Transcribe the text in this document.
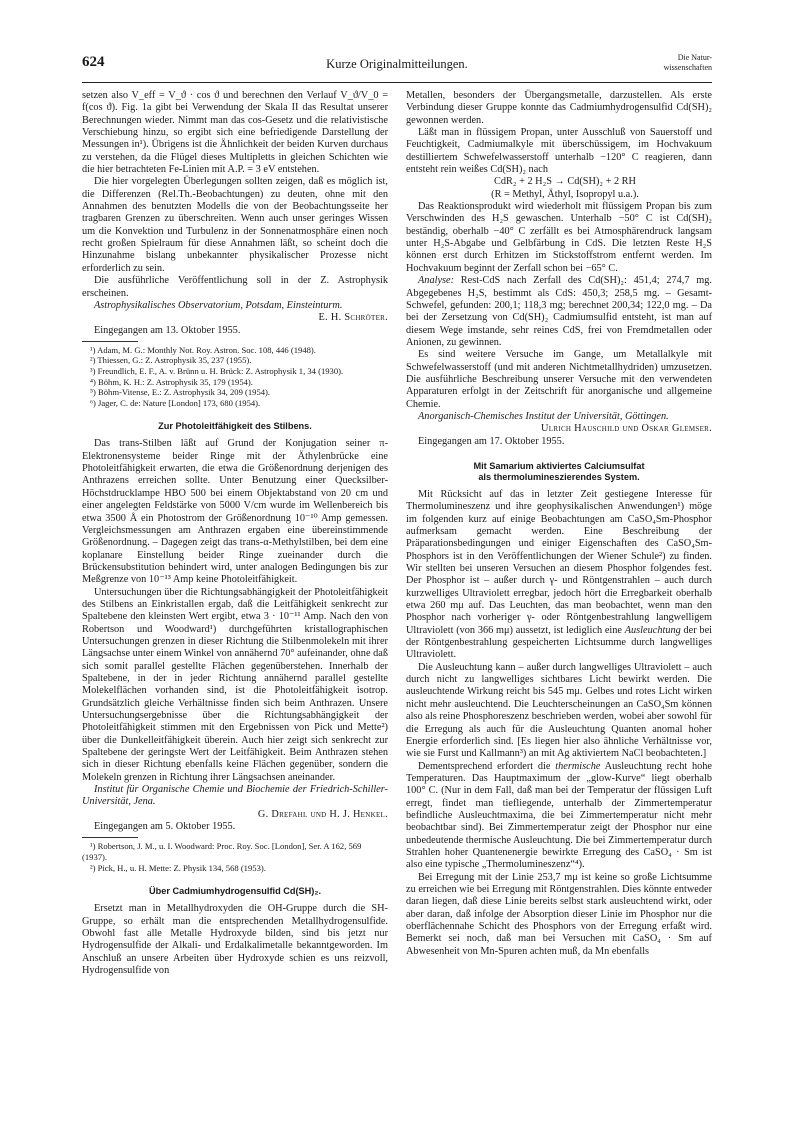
624	Kurze Originalmitteilungen.	Die Natur-
wissenschaften

setzen also V_eff = V_ϑ · cos ϑ und berechnen den Verlauf V_ϑ/V_0 = f(cos ϑ). Fig. 1a gibt bei Verwendung der Skala II das Resultat unserer Berechnungen wieder. Nimmt man das cos-Gesetz und die relativistische Verschiebung hinzu, so ergibt sich eine befriedigende Darstellung der Messungen in¹). Übrigens ist die Ähnlichkeit der beiden Kurven durchaus zu verstehen, da die Flügel dieses Multipletts in gleichen Schichten wie die hier betrachteten Fe-Linien mit A.P. = 3 eV entstehen.

Die hier vorgelegten Überlegungen sollten zeigen, daß es möglich ist, die Differenzen (Rel.Th.-Beobachtungen) zu deuten, ohne mit den Annahmen des benutzten Modells die von der Beobachtungsseite her tragbaren Grenzen zu überschreiten. Wenn auch unser geringes Wissen um die Konvektion und Turbulenz in der Sonnenatmosphäre einen noch recht großen Spielraum für diese Annahmen läßt, so scheint doch die Hinzunahme bislang unbekannter physikalischer Prozesse nicht erforderlich zu sein.

Die ausführliche Veröffentlichung soll in der Z. Astrophysik erscheinen.

Astrophysikalisches Observatorium, Potsdam, Einsteinturm.

E. H. Schröter.

Eingegangen am 13. Oktober 1955.

¹) Adam, M. G.: Monthly Not. Roy. Astron. Soc. 108, 446 (1948).

²) Thiessen, G.: Z. Astrophysik 35, 237 (1955).

³) Freundlich, E. F., A. v. Brünn u. H. Brück: Z. Astrophysik 1, 34 (1930).

⁴) Böhm, K. H.: Z. Astrophysik 35, 179 (1954).

⁵) Böhm-Vitense, E.: Z. Astrophysik 34, 209 (1954).

⁶) Jager, C. de: Nature [London] 173, 680 (1954).

Zur Photoleitfähigkeit des Stilbens.

Das trans-Stilben läßt auf Grund der Konjugation seiner π-Elektronensysteme beider Ringe mit der Äthylenbrücke eine Photoleitfähigkeit erwarten, die etwa die Größenordnung derjenigen des Anthrazens erreichen sollte. Unter Benutzung einer Quecksilber-Höchstdrucklampe HBO 500 bei einem Objektabstand von 20 cm und einer angelegten Feldstärke von 5000 V/cm wurde im Wellenbereich bis etwa 3500 Å ein Photostrom der Größenordnung 10⁻¹⁰ Amp gemessen. Vergleichsmessungen am Anthrazen ergaben eine übereinstimmende Größenordnung. – Dagegen zeigt das trans-α-Methylstilben, bei dem eine koplanare Einstellung beider Ringe zueinander durch die Brückensubstitution behindert wird, unter analogen Bedingungen bis zur Meßgrenze von 10⁻¹³ Amp keine Photoleitfähigkeit.

Untersuchungen über die Richtungsabhängigkeit der Photoleitfähigkeit des Stilbens an Einkristallen ergab, daß die Leitfähigkeit senkrecht zur Spaltebene den kleinsten Wert ergibt, etwa 3 · 10⁻¹¹ Amp. Nach den von Robertson und Woodward¹) durchgeführten kristallographischen Untersuchungen grenzen in dieser Richtung die Stilbenmolekeln mit ihrer Längsachse unter einem Winkel von annähernd 70° aufeinander, ohne daß sich somit parallel gestellte Flächen gegenüberstehen. Innerhalb der Spaltebene, in der in jeder Richtung annähernd parallel gestellte Molekelflächen vorhanden sind, ist die Photoleitfähigkeit isotrop. Grundsätzlich gleiche Verhältnisse finden sich beim Anthrazen. Unsere Untersuchungsergebnisse über die Richtungsabhängigkeit der Photoleitfähigkeit stimmen mit den Ergebnissen von Pick und Mette²) über die Dunkelleitfähigkeit überein. Auch hier zeigt sich senkrecht zur Spaltebene der geringste Wert der Leitfähigkeit. Beim Anthrazen stehen sich in dieser Richtung ebenfalls keine Flächen gegenüber, sondern die Molekeln grenzen in Richtung ihrer Längsachsen aneinander.

Institut für Organische Chemie und Biochemie der Friedrich-Schiller-Universität, Jena.

G. Drefahl und H. J. Henkel.

Eingegangen am 5. Oktober 1955.

¹) Robertson, J. M., u. I. Woodward: Proc. Roy. Soc. [London], Ser. A 162, 569 (1937).

²) Pick, H., u. H. Mette: Z. Physik 134, 568 (1953).

Über Cadmiumhydrogensulfid Cd(SH)₂.

Ersetzt man in Metallhydroxyden die OH-Gruppe durch die SH-Gruppe, so erhält man die entsprechenden Metallhydrogensulfide. Obwohl fast alle Metalle Hydroxyde bilden, sind bis jetzt nur Hydrogensulfide der Alkali- und Erdalkalimetalle bekanntgeworden. Im Anschluß an unsere Arbeiten über Hydroxyde schien es uns reizvoll, Hydrogensulfide von

Metallen, besonders der Übergangsmetalle, darzustellen. Als erste Verbindung dieser Gruppe konnte das Cadmiumhydrogensulfid Cd(SH)₂ gewonnen werden.

Läßt man in flüssigem Propan, unter Ausschluß von Sauerstoff und Feuchtigkeit, Cadmiumalkyle mit überschüssigem, im Hochvakuum destilliertem Schwefelwasserstoff unterhalb −120° C reagieren, dann entsteht rein weißes Cd(SH)₂ nach

CdR₂ + 2 H₂S → Cd(SH)₂ + 2 RH

(R = Methyl, Äthyl, Isopropyl u.a.).

Das Reaktionsprodukt wird wiederholt mit flüssigem Propan bis zum Verschwinden des H₂S gewaschen. Unterhalb −50° C ist Cd(SH)₂ beständig, oberhalb −40° C zerfällt es bei Atmosphärendruck langsam unter H₂S-Abgabe und Gelbfärbung in CdS. Die letzten Reste H₂S können erst durch Erhitzen im Stickstoffstrom entfernt werden. Im Hochvakuum beginnt der Zerfall schon bei −65° C.

Analyse: Rest-CdS nach Zerfall des Cd(SH)₂: 451,4; 274,7 mg. Abgegebenes H₂S, bestimmt als CdS: 450,3; 258,5 mg. – Gesamt-Schwefel, gefunden: 200,1; 118,3 mg; berechnet 200,34; 122,0 mg. – Da bei der Zersetzung von Cd(SH)₂ Cadmiumsulfid entsteht, ist man auf diesem Wege imstande, sehr reines CdS, frei von Fremdmetallen oder Anionen, zu gewinnen.

Es sind weitere Versuche im Gange, um Metallalkyle mit Schwefelwasserstoff (und mit anderen Nichtmetallhydriden) umzusetzen. Die ausführliche Beschreibung unserer Versuche mit den verwendeten Apparaturen erfolgt in der Zeitschrift für anorganische und allgemeine Chemie.

Anorganisch-Chemisches Institut der Universität, Göttingen.

Ulrich Hauschild und Oskar Glemser.

Eingegangen am 17. Oktober 1955.

Mit Samarium aktiviertes Calciumsulfat
als thermolumineszierendes System.

Mit Rücksicht auf das in letzter Zeit gestiegene Interesse für Thermolumineszenz und ihre geophysikalischen Anwendungen¹) möge im folgenden kurz auf einige Beobachtungen am CaSO₄Sm-Phosphor aufmerksam gemacht werden. Eine Beschreibung der Präparationsbedingungen und einiger Eigenschaften des CaSO₄Sm-Phosphors ist in den Veröffentlichungen der Wiener Schule²) zu finden. Wir stellten bei unseren Versuchen an diesem Phosphor folgendes fest. Der Phosphor ist – außer durch γ- und Röntgenstrahlen – auch durch kurzwelliges Ultraviolett erregbar, jedoch hört die Erregbarkeit oberhalb etwa 260 mμ auf. Das Leuchten, das man beobachtet, wenn man den Phosphor nach vorheriger γ- oder Röntgenbestrahlung langwelligem Ultraviolett (von 366 mμ) aussetzt, ist lediglich eine Ausleuchtung der bei der Röntgenbestrahlung gespeicherten Lichtsumme durch langwelliges Ultraviolett.

Die Ausleuchtung kann – außer durch langwelliges Ultraviolett – auch durch nicht zu langwelliges sichtbares Licht bewirkt werden. Die ausleuchtende Wirkung reicht bis 545 mμ. Gelbes und rotes Licht wirken nicht mehr ausleuchtend. Die Leuchterscheinungen an CaSO₄Sm können also als reine Phosphoreszenz beschrieben werden, wobei aber sowohl für die Erregung als auch für die Ausleuchtung Quanten anomal hoher Energie erforderlich sind. [Es liegen hier also ähnliche Verhältnisse vor, wie sie Furst und Kallmann³) an mit Ag aktiviertem NaCl beobachteten.]

Dementsprechend erfordert die thermische Ausleuchtung recht hohe Temperaturen. Das Hauptmaximum der „glow-Kurve“ liegt oberhalb 100° C. (Nur in dem Fall, daß man bei der Temperatur der flüssigen Luft erregt, findet man tiefliegende, unterhalb der Zimmertemperatur befindliche Ausleuchtmaxima, die bei Zimmertemperatur nicht mehr beobachtbar sind). Bei Zimmertemperatur zeigt der Phosphor nur eine unbedeutende thermische Ausleuchtung. Die bei Zimmertemperatur durch Strahlen hoher Quantenenergie bewirkte Erregung des CaSO₄ · Sm ist also eine typische „Thermolumineszenz“⁴).

Bei Erregung mit der Linie 253,7 mμ ist keine so große Lichtsumme zu erreichen wie bei Erregung mit Röntgenstrahlen. Dies könnte entweder daran liegen, daß diese Linie bereits selbst stark ausleuchtend wirkt, oder aber daran, daß infolge der Absorption dieser Linie im Phosphor nur die oberflächennahe Schicht des Phosphors von der Erregung erfaßt wird. Bemerkt sei noch, daß man bei Versuchen mit CaSO₄ · Sm auf Abwesenheit von Mn-Spuren achten muß, da Mn ebenfalls
